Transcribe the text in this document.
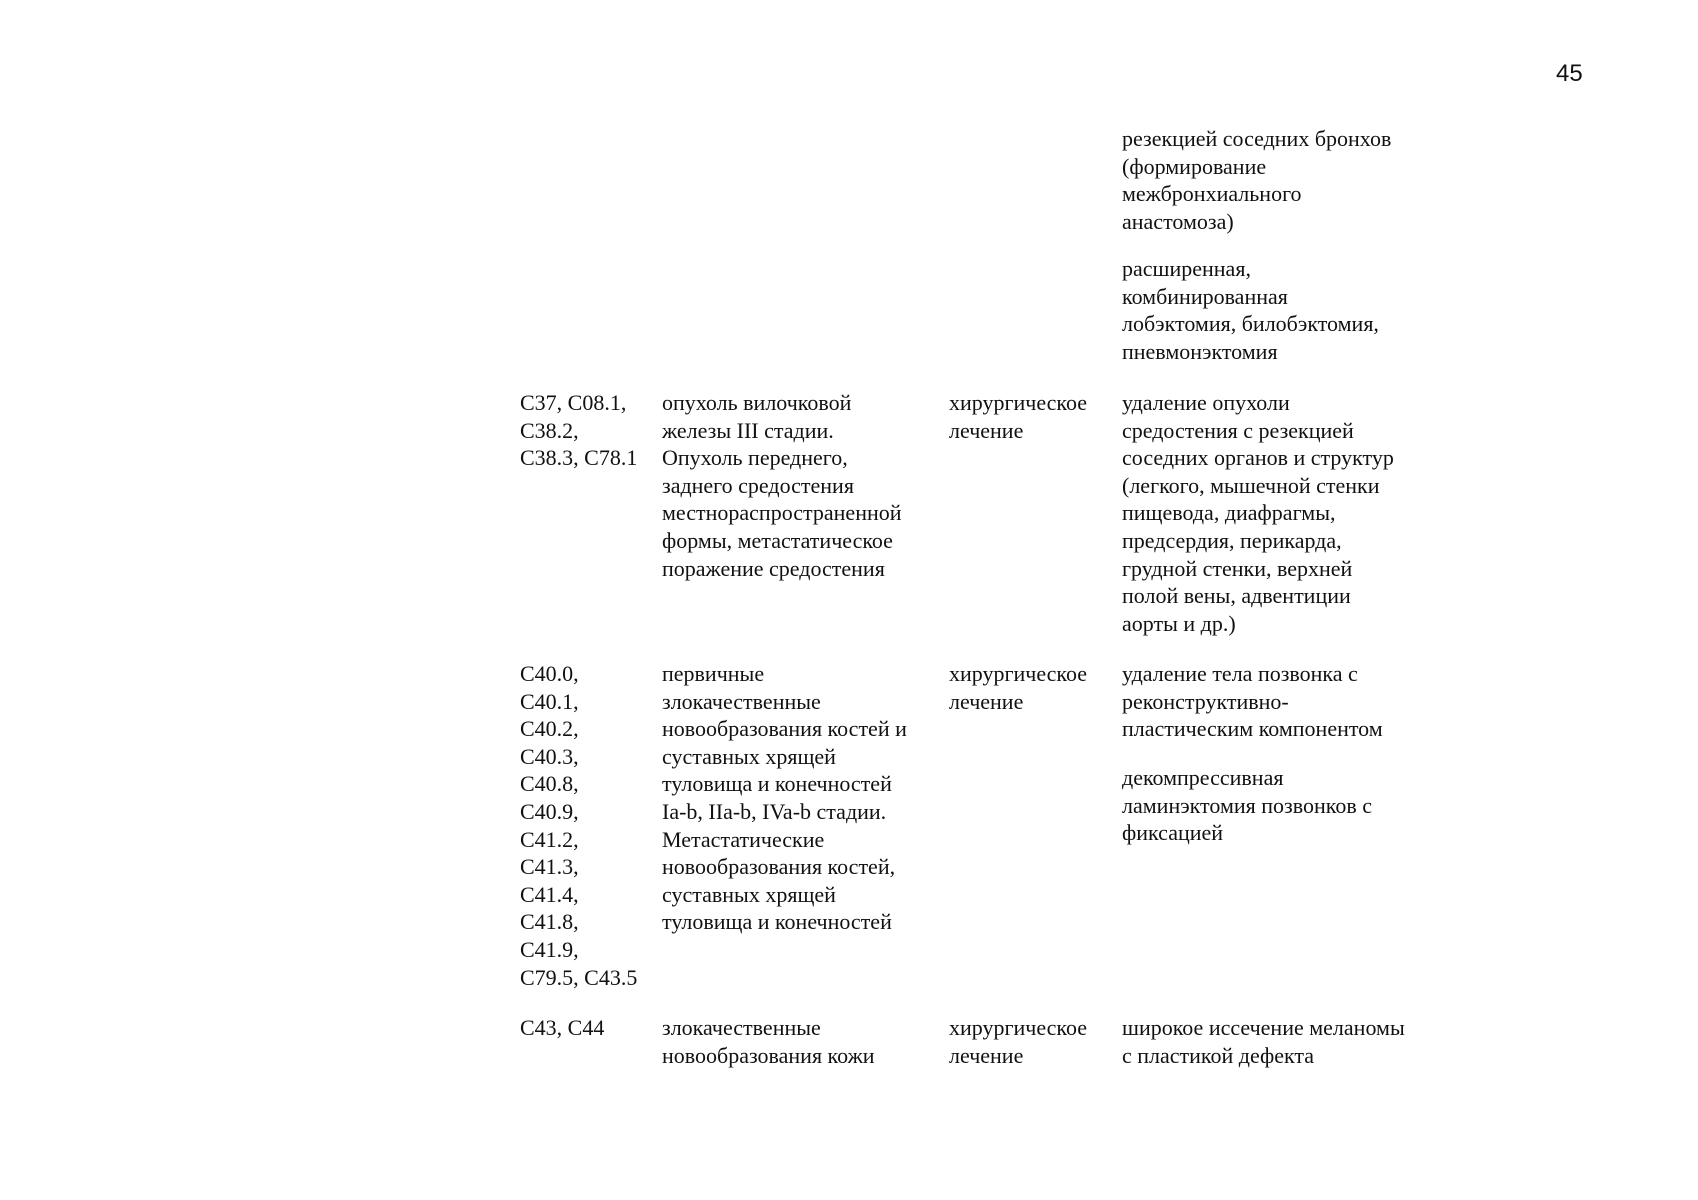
45
резекцией соседних бронхов
(формирование
межбронхиального
анастомоза)
расширенная,
комбинированная
лобэктомия, билобэктомия,
пневмонэктомия
C37, C08.1,
C38.2,
C38.3, C78.1
опухоль вилочковой
железы III стадии.
Опухоль переднего,
заднего средостения
местнораспространенной
формы, метастатическое
поражение средостения
хирургическое
лечение
удаление опухоли
средостения с резекцией
соседних органов и структур
(легкого, мышечной стенки
пищевода, диафрагмы,
предсердия, перикарда,
грудной стенки, верхней
полой вены, адвентиции
аорты и др.)
C40.0,
C40.1,
C40.2,
C40.3,
C40.8,
C40.9,
C41.2,
C41.3,
C41.4,
C41.8,
C41.9,
C79.5, C43.5
первичные
злокачественные
новообразования костей и
суставных хрящей
туловища и конечностей
Ia-b, IIa-b, IVa-b стадии.
Метастатические
новообразования костей,
суставных хрящей
туловища и конечностей
хирургическое
лечение
удаление тела позвонка с
реконструктивно-
пластическим компонентом
декомпрессивная
ламинэктомия позвонков с
фиксацией
C43, C44	злокачественные
новообразования кожи
хирургическое
лечение
широкое иссечение меланомы
с пластикой дефекта
